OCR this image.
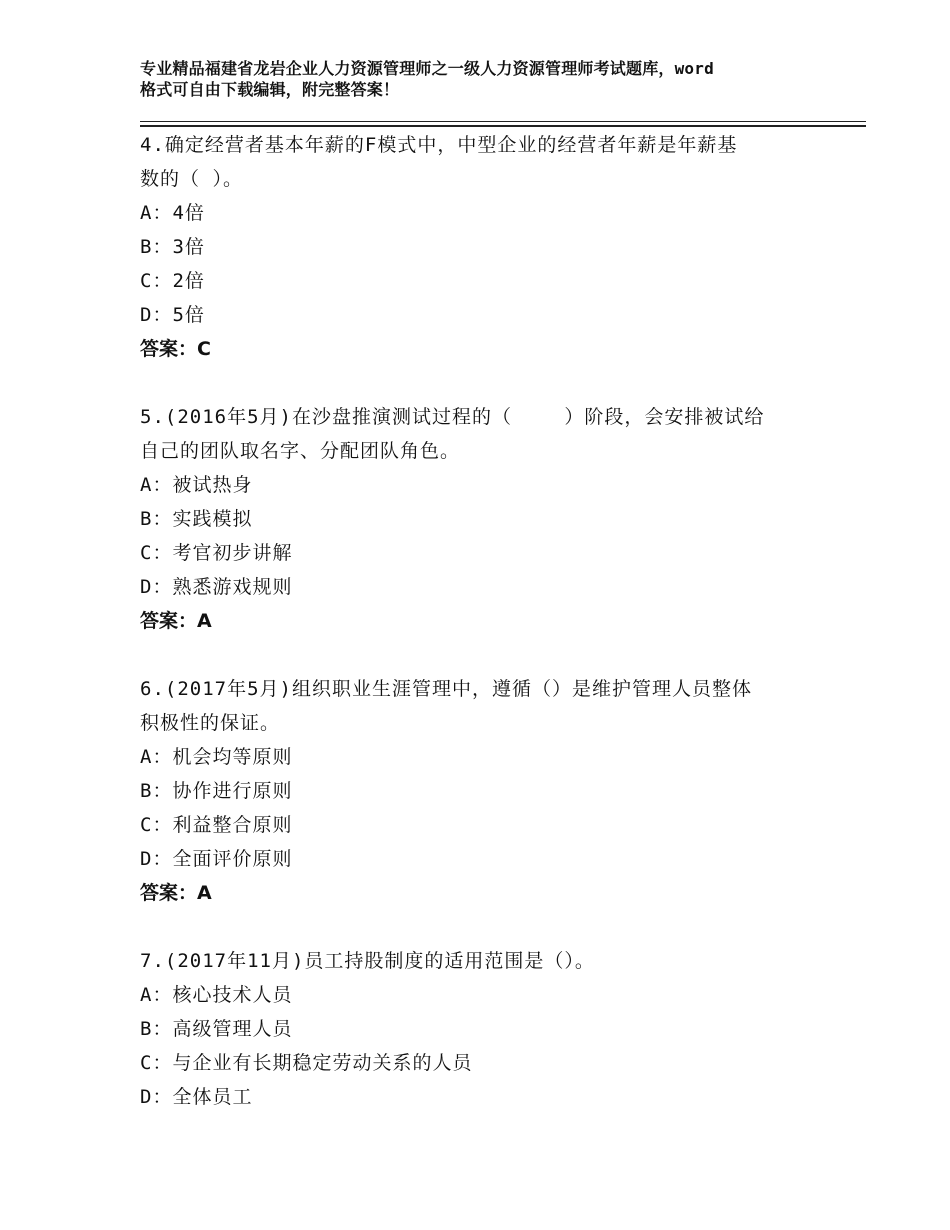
专业精品福建省龙岩企业人力资源管理师之一级人力资源管理师考试题库，word
格式可自由下载编辑，附完整答案！
4.确定经营者基本年薪的F模式中，中型企业的经营者年薪是年薪基
数的（ ）。
A：4倍
B：3倍
C：2倍
D：5倍
答案：C
5.(2016年5月)在沙盘推演测试过程的（　　 ）阶段，会安排被试给
自己的团队取名字、分配团队角色。
A：被试热身
B：实践模拟
C：考官初步讲解
D：熟悉游戏规则
答案：A
6.(2017年5月)组织职业生涯管理中，遵循（）是维护管理人员整体
积极性的保证。
A：机会均等原则
B：协作进行原则
C：利益整合原则
D：全面评价原则
答案：A
7.(2017年11月)员工持股制度的适用范围是（）。
A：核心技术人员
B：高级管理人员
C：与企业有长期稳定劳动关系的人员
D：全体员工
